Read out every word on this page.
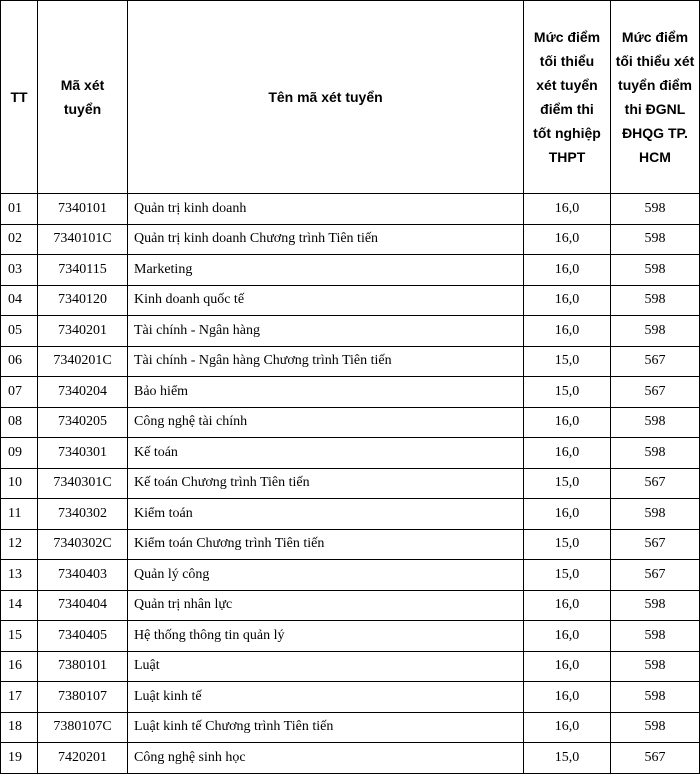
TT	Mã xét tuyển	Tên mã xét tuyển	Mức điểm tối thiểu xét tuyển điểm thi tốt nghiệp THPT	Mức điểm tối thiểu xét tuyển điểm thi ĐGNL ĐHQG TP. HCM
01	7340101	Quản trị kinh doanh	16,0	598
02	7340101C	Quản trị kinh doanh Chương trình Tiên tiến	16,0	598
03	7340115	Marketing	16,0	598
04	7340120	Kinh doanh quốc tế	16,0	598
05	7340201	Tài chính - Ngân hàng	16,0	598
06	7340201C	Tài chính - Ngân hàng Chương trình Tiên tiến	15,0	567
07	7340204	Bảo hiểm	15,0	567
08	7340205	Công nghệ tài chính	16,0	598
09	7340301	Kế toán	16,0	598
10	7340301C	Kế toán Chương trình Tiên tiến	15,0	567
11	7340302	Kiểm toán	16,0	598
12	7340302C	Kiểm toán Chương trình Tiên tiến	15,0	567
13	7340403	Quản lý công	15,0	567
14	7340404	Quản trị nhân lực	16,0	598
15	7340405	Hệ thống thông tin quản lý	16,0	598
16	7380101	Luật	16,0	598
17	7380107	Luật kinh tế	16,0	598
18	7380107C	Luật kinh tế Chương trình Tiên tiến	16,0	598
19	7420201	Công nghệ sinh học	15,0	567
